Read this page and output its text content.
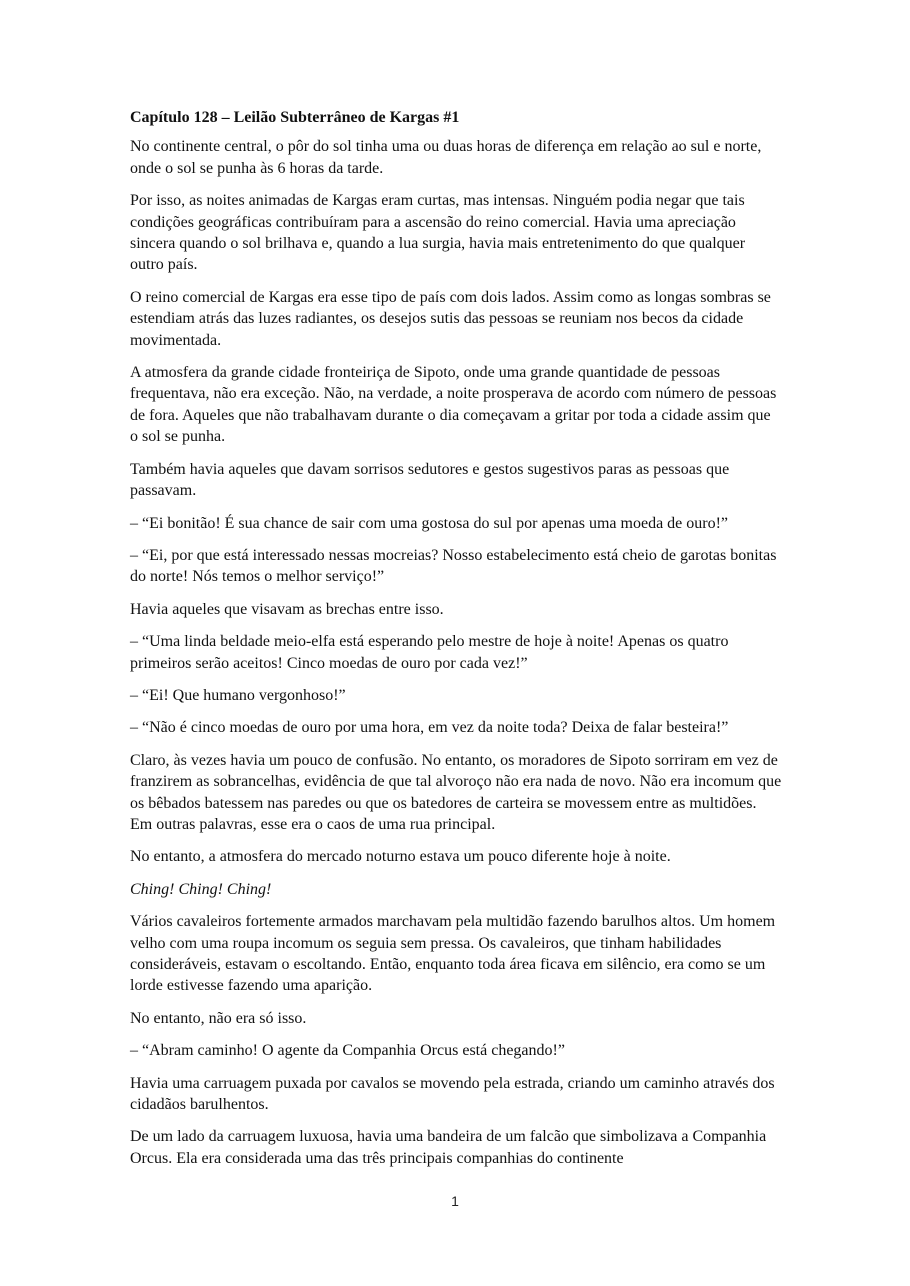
Capítulo 128 – Leilão Subterrâneo de Kargas #1

No continente central, o pôr do sol tinha uma ou duas horas de diferença em relação ao sul e norte, onde o sol se punha às 6 horas da tarde.

Por isso, as noites animadas de Kargas eram curtas, mas intensas. Ninguém podia negar que tais condições geográficas contribuíram para a ascensão do reino comercial. Havia uma apreciação sincera quando o sol brilhava e, quando a lua surgia, havia mais entretenimento do que qualquer outro país.

O reino comercial de Kargas era esse tipo de país com dois lados. Assim como as longas sombras se estendiam atrás das luzes radiantes, os desejos sutis das pessoas se reuniam nos becos da cidade movimentada.

A atmosfera da grande cidade fronteiriça de Sipoto, onde uma grande quantidade de pessoas frequentava, não era exceção. Não, na verdade, a noite prosperava de acordo com número de pessoas de fora. Aqueles que não trabalhavam durante o dia começavam a gritar por toda a cidade assim que o sol se punha.

Também havia aqueles que davam sorrisos sedutores e gestos sugestivos paras as pessoas que passavam.

– “Ei bonitão! É sua chance de sair com uma gostosa do sul por apenas uma moeda de ouro!”

– “Ei, por que está interessado nessas mocreias? Nosso estabelecimento está cheio de garotas bonitas do norte! Nós temos o melhor serviço!”

Havia aqueles que visavam as brechas entre isso.

– “Uma linda beldade meio-elfa está esperando pelo mestre de hoje à noite! Apenas os quatro primeiros serão aceitos! Cinco moedas de ouro por cada vez!”

– “Ei! Que humano vergonhoso!”

– “Não é cinco moedas de ouro por uma hora, em vez da noite toda? Deixa de falar besteira!”

Claro, às vezes havia um pouco de confusão. No entanto, os moradores de Sipoto sorriram em vez de franzirem as sobrancelhas, evidência de que tal alvoroço não era nada de novo. Não era incomum que os bêbados batessem nas paredes ou que os batedores de carteira se movessem entre as multidões. Em outras palavras, esse era o caos de uma rua principal.

No entanto, a atmosfera do mercado noturno estava um pouco diferente hoje à noite.

Ching! Ching! Ching!

Vários cavaleiros fortemente armados marchavam pela multidão fazendo barulhos altos. Um homem velho com uma roupa incomum os seguia sem pressa. Os cavaleiros, que tinham habilidades consideráveis, estavam o escoltando. Então, enquanto toda área ficava em silêncio, era como se um lorde estivesse fazendo uma aparição.

No entanto, não era só isso.

– “Abram caminho! O agente da Companhia Orcus está chegando!”

Havia uma carruagem puxada por cavalos se movendo pela estrada, criando um caminho através dos cidadãos barulhentos.

De um lado da carruagem luxuosa, havia uma bandeira de um falcão que simbolizava a Companhia Orcus. Ela era considerada uma das três principais companhias do continente

1
